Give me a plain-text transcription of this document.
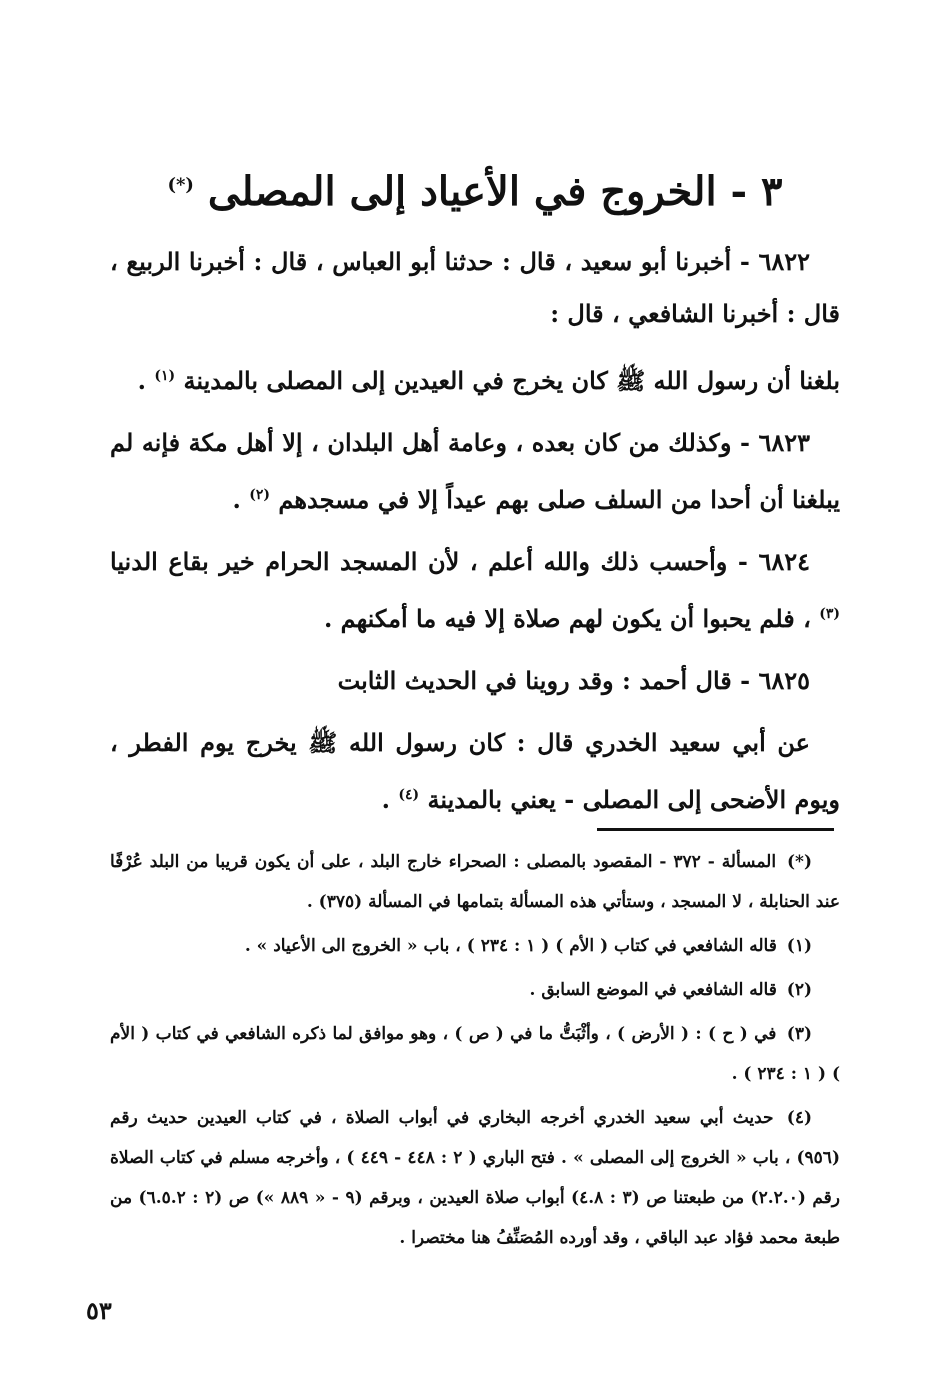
٣ - الخروج في الأعياد إلى المصلى (*)

٦٨٢٢ - أخبرنا أبو سعيد ، قال : حدثنا أبو العباس ، قال : أخبرنا الربيع ، قال : أخبرنا الشافعي ، قال :

بلغنا أن رسول الله ﷺ كان يخرج في العيدين إلى المصلى بالمدينة $^{(١)}$ .

٦٨٢٣ - وكذلك من كان بعده ، وعامة أهل البلدان ، إلا أهل مكة فإنه لم يبلغنا أن أحدا من السلف صلى بهم عيداً إلا في مسجدهم $^{(٢)}$ .

٦٨٢٤ - وأحسب ذلك والله أعلم ، لأن المسجد الحرام خير بقاع الدنيا $^{(٣)}$ ، فلم يحبوا أن يكون لهم صلاة إلا فيه ما أمكنهم .

٦٨٢٥ - قال أحمد : وقد روينا في الحديث الثابت

عن أبي سعيد الخدري قال : كان رسول الله ﷺ يخرج يوم الفطر ، ويوم الأضحى إلى المصلى - يعني بالمدينة $^{(٤)}$ .

(*) المسألة - ٣٧٢ - المقصود بالمصلى : الصحراء خارج البلد ، على أن يكون قريبا من البلد عُرْفًا عند الحنابلة ، لا المسجد ، وستأتي هذه المسألة بتمامها في المسألة (٣٧٥) .

(١) قاله الشافعي في كتاب ( الأم ) ( ١ : ٢٣٤ ) ، باب « الخروج الى الأعياد » .

(٢) قاله الشافعي في الموضع السابق .

(٣) في ( ح ) : ( الأرض ) ، وأثْبَتُّ ما في ( ص ) ، وهو موافق لما ذكره الشافعي في كتاب ( الأم ) ( ١ : ٢٣٤ ) .

(٤) حديث أبي سعيد الخدري أخرجه البخاري في أبواب الصلاة ، في كتاب العيدين حديث رقم (٩٥٦) ، باب « الخروج إلى المصلى » . فتح الباري ( ٢ : ٤٤٨ - ٤٤٩ ) ، وأخرجه مسلم في كتاب الصلاة رقم (٢.٢.٠) من طبعتنا ص (٣ : ٤.٨) أبواب صلاة العيدين ، وبرقم (٩ - « ٨٨٩ ») ص (٢ : ٦.٥.٢) من طبعة محمد فؤاد عبد الباقي ، وقد أورده المُصَنِّفُ هنا مختصرا .

٥٣
